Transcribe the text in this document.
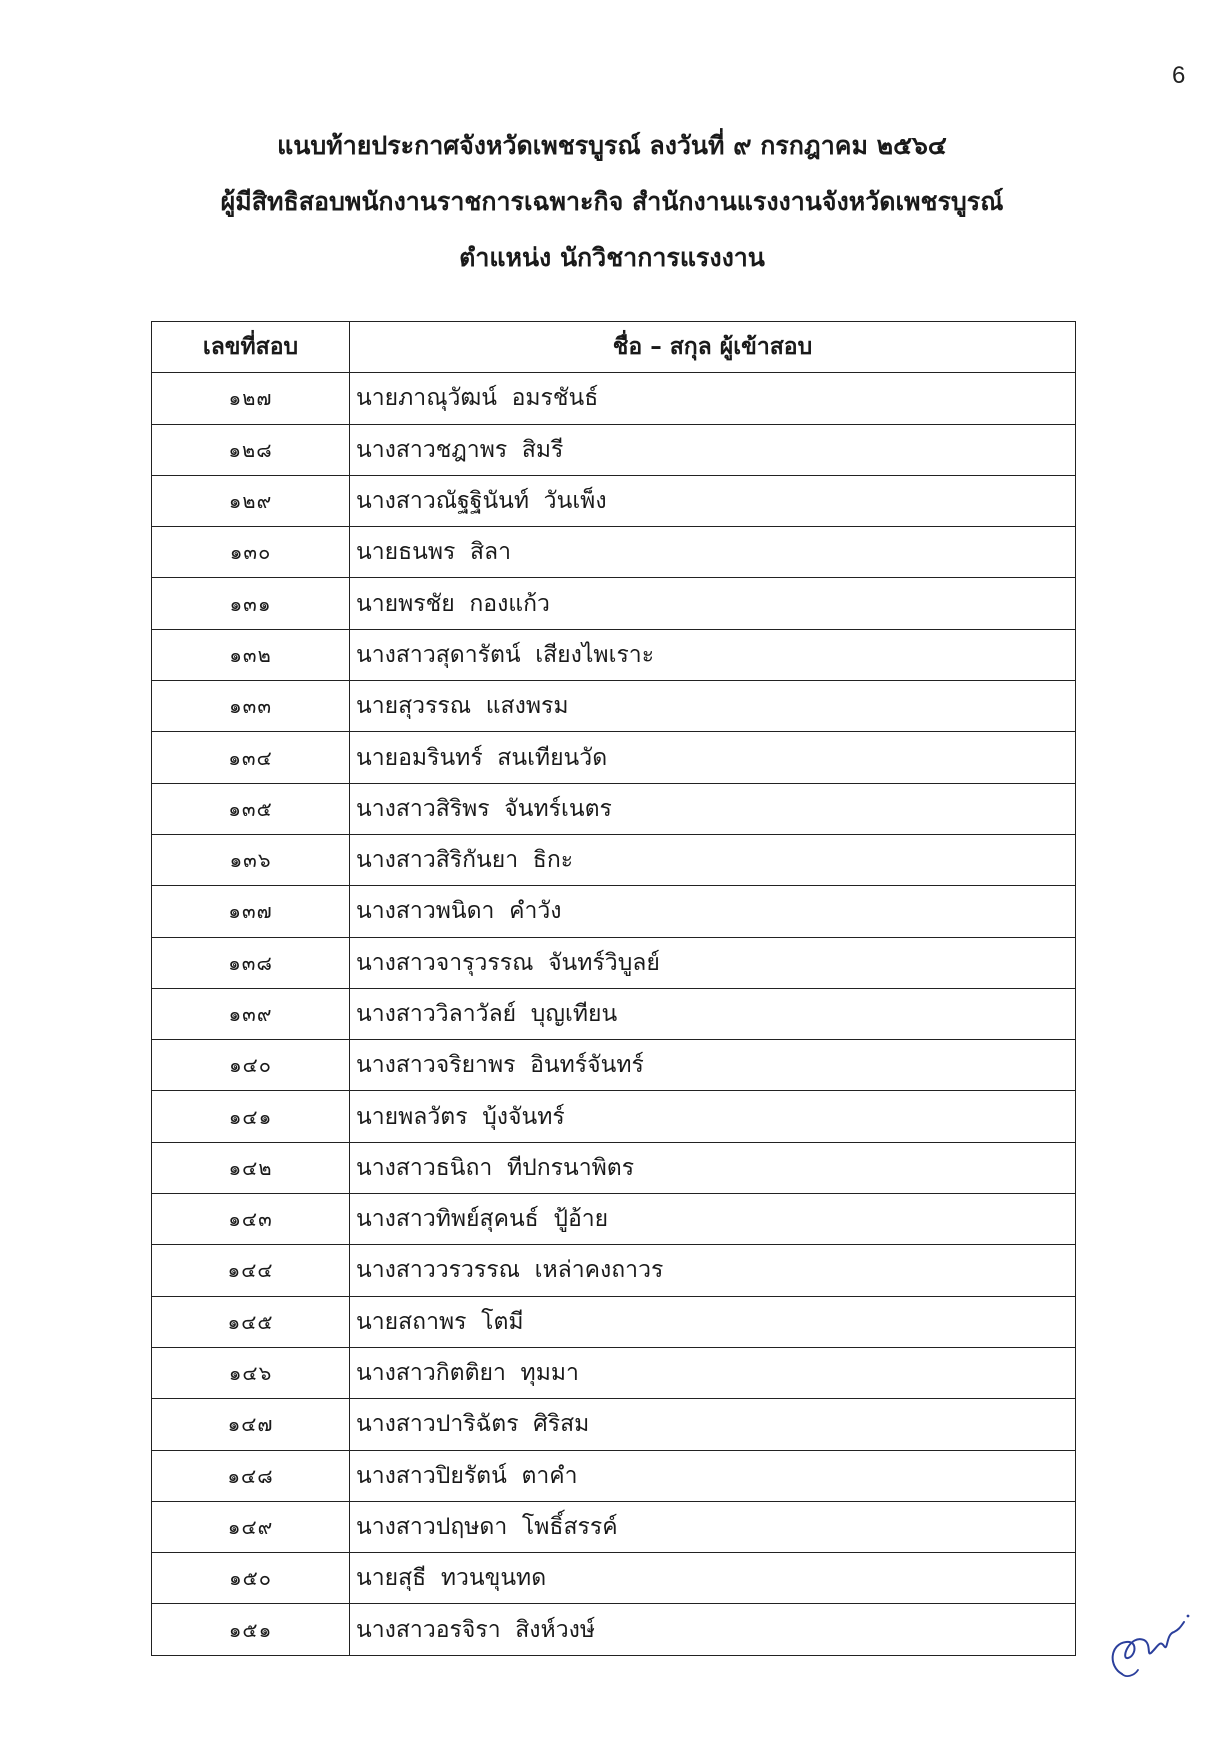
6
แนบท้ายประกาศจังหวัดเพชรบูรณ์ ลงวันที่ ๙ กรกฎาคม ๒๕๖๔
ผู้มีสิทธิสอบพนักงานราชการเฉพาะกิจ สำนักงานแรงงานจังหวัดเพชรบูรณ์
ตำแหน่ง นักวิชาการแรงงาน
เลขที่สอบ	ชื่อ – สกุล ผู้เข้าสอบ
๑๒๗	นายภาณุวัฒน์  อมรชันธ์
๑๒๘	นางสาวชฎาพร  สิมรี
๑๒๙	นางสาวณัฐฐินันท์  วันเพ็ง
๑๓๐	นายธนพร  สิลา
๑๓๑	นายพรชัย  กองแก้ว
๑๓๒	นางสาวสุดารัตน์  เสียงไพเราะ
๑๓๓	นายสุวรรณ  แสงพรม
๑๓๔	นายอมรินทร์  สนเทียนวัด
๑๓๕	นางสาวสิริพร  จันทร์เนตร
๑๓๖	นางสาวสิริกันยา  ธิกะ
๑๓๗	นางสาวพนิดา  คำวัง
๑๓๘	นางสาวจารุวรรณ  จันทร์วิบูลย์
๑๓๙	นางสาววิลาวัลย์  บุญเทียน
๑๔๐	นางสาวจริยาพร  อินทร์จันทร์
๑๔๑	นายพลวัตร  บุ้งจันทร์
๑๔๒	นางสาวธนิถา  ทีปกรนาพิตร
๑๔๓	นางสาวทิพย์สุคนธ์  ปู้อ้าย
๑๔๔	นางสาววรวรรณ  เหล่าคงถาวร
๑๔๕	นายสถาพร  โตมี
๑๔๖	นางสาวกิตติยา  ทุมมา
๑๔๗	นางสาวปาริฉัตร  ศิริสม
๑๔๘	นางสาวปิยรัตน์  ตาคำ
๑๔๙	นางสาวปฤษดา  โพธิ์สรรค์
๑๕๐	นายสุธี  ทวนขุนทด
๑๕๑	นางสาวอรจิรา  สิงห์วงษ์
